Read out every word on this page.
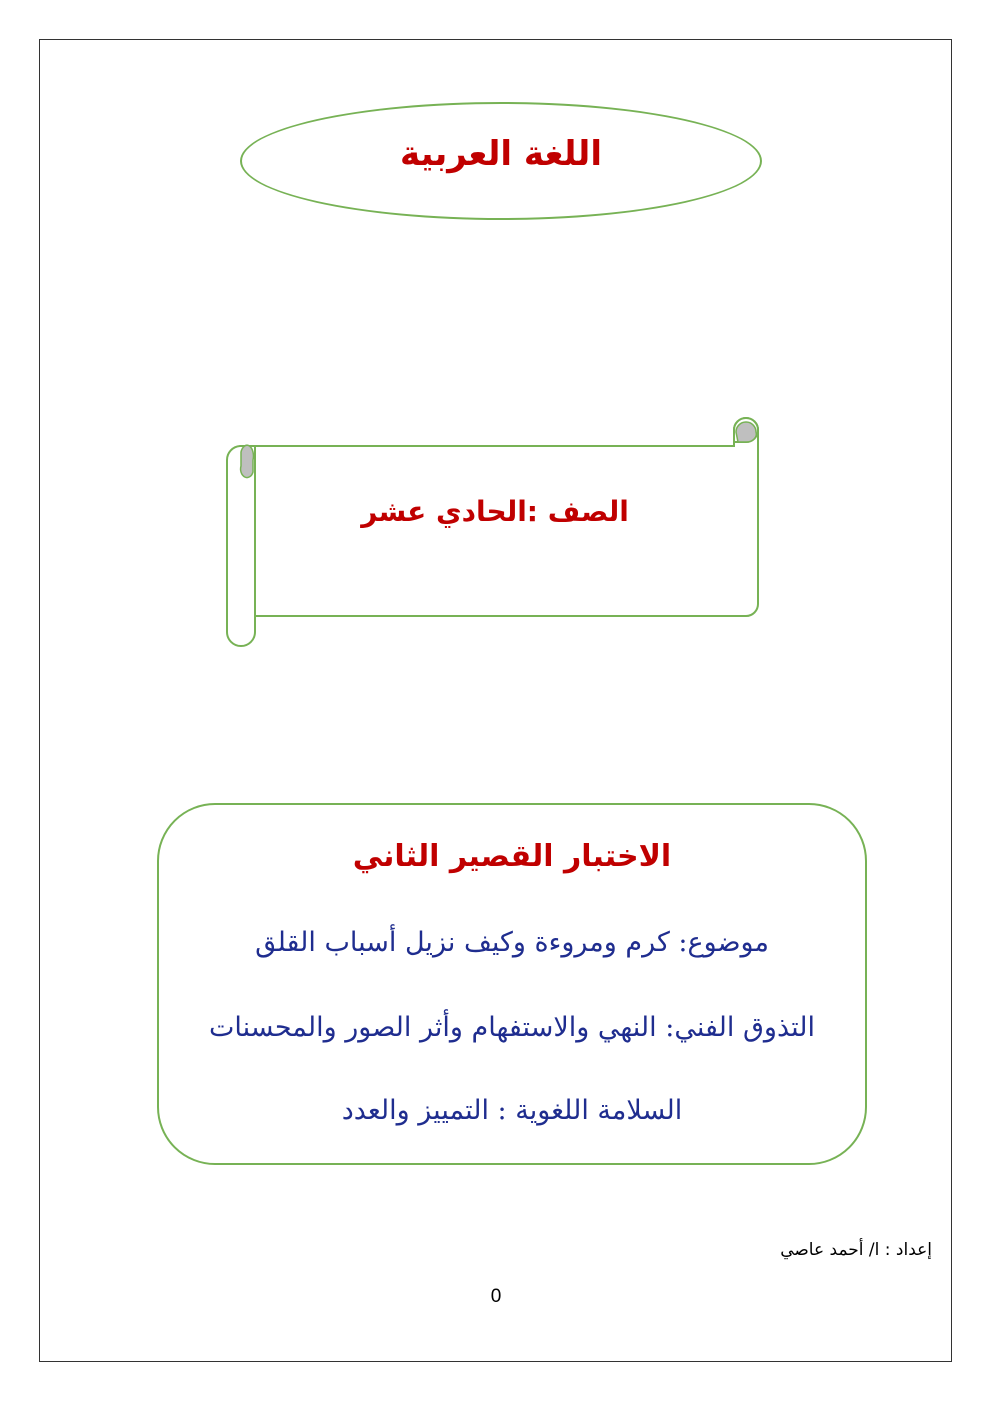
اللغة العربية
الصف :الحادي عشر
الاختبار القصير الثاني
موضوع: كرم ومروءة وكيف نزيل أسباب القلق
التذوق الفني: النهي والاستفهام وأثر الصور والمحسنات
السلامة اللغوية : التمييز والعدد
إعداد : ا/ أحمد عاصي
0
